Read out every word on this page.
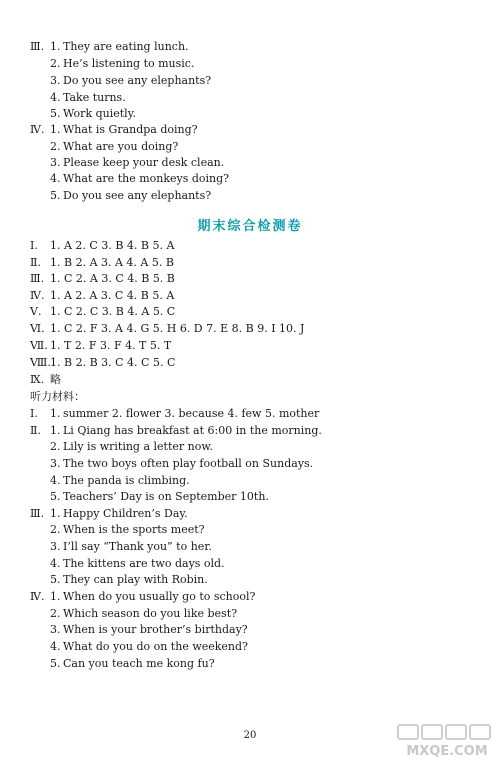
Ⅲ. 1. They are eating lunch.
2. He’s listening to music.
3. Do you see any elephants?
4. Take turns.
5. Work quietly.
Ⅳ. 1. What is Grandpa doing?
2. What are you doing?
3. Please keep your desk clean.
4. What are the monkeys doing?
5. Do you see any elephants?
期末综合检测卷
Ⅰ. 1. A 2. C 3. B 4. B 5. A
Ⅱ. 1. B 2. A 3. A 4. A 5. B
Ⅲ. 1. C 2. A 3. C 4. B 5. B
Ⅳ. 1. A 2. A 3. C 4. B 5. A
Ⅴ. 1. C 2. C 3. B 4. A 5. C
Ⅵ. 1. C 2. F 3. A 4. G 5. H 6. D 7. E 8. B 9. I 10. J
Ⅶ. 1. T 2. F 3. F 4. T 5. T
Ⅷ. 1. B 2. B 3. C 4. C 5. C
Ⅸ. 略
听力材料：
Ⅰ. 1. summer 2. flower 3. because 4. few 5. mother
Ⅱ. 1. Li Qiang has breakfast at 6:00 in the morning.
2. Lily is writing a letter now.
3. The two boys often play football on Sundays.
4. The panda is climbing.
5. Teachers’ Day is on September 10th.
Ⅲ. 1. Happy Children’s Day.
2. When is the sports meet?
3. I’ll say “Thank you” to her.
4. The kittens are two days old.
5. They can play with Robin.
Ⅳ. 1. When do you usually go to school?
2. Which season do you like best?
3. When is your brother’s birthday?
4. What do you do on the weekend?
5. Can you teach me kong fu?
20
MXQE.COM
